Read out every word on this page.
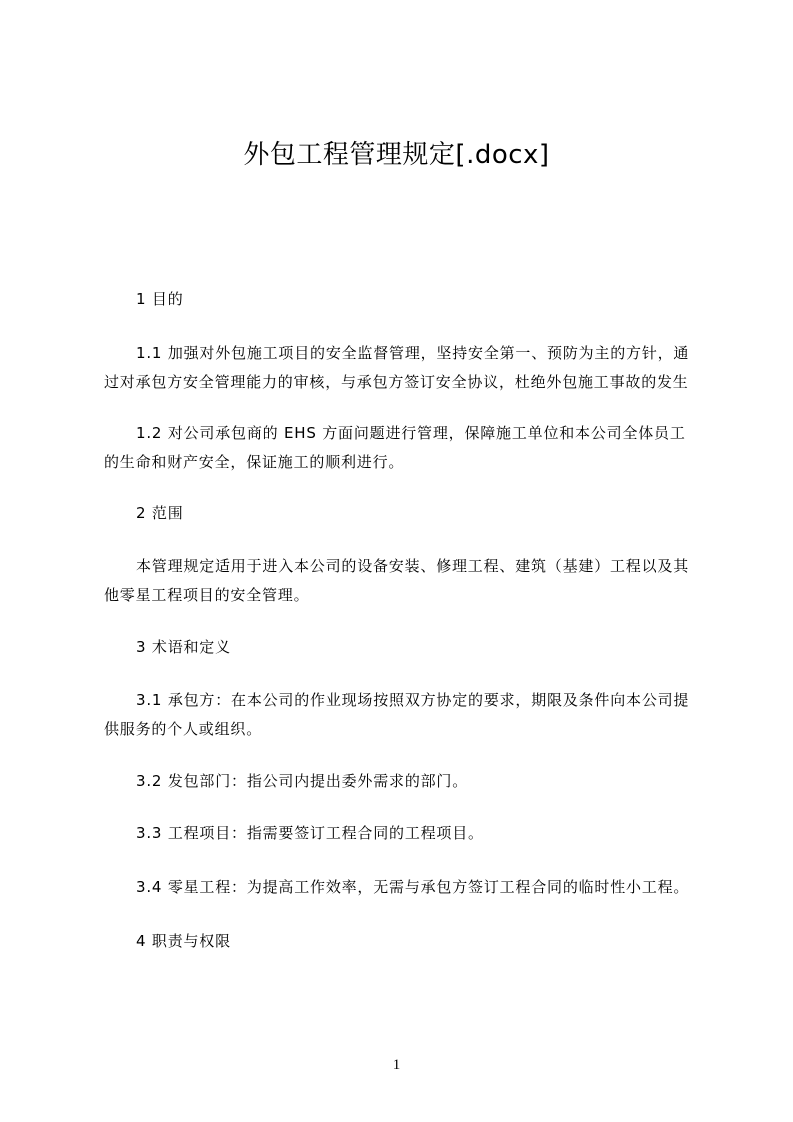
外包工程管理规定[.docx]

1 目的

1.1 加强对外包施工项目的安全监督管理，坚持安全第一、预防为主的方针，通过对承包方安全管理能力的审核，与承包方签订安全协议，杜绝外包施工事故的发生

1.2 对公司承包商的 EHS 方面问题进行管理，保障施工单位和本公司全体员工的生命和财产安全，保证施工的顺利进行。

2 范围

本管理规定适用于进入本公司的设备安装、修理工程、建筑（基建）工程以及其他零星工程项目的安全管理。

3 术语和定义

3.1 承包方：在本公司的作业现场按照双方协定的要求，期限及条件向本公司提供服务的个人或组织。

3.2 发包部门：指公司内提出委外需求的部门。

3.3 工程项目：指需要签订工程合同的工程项目。

3.4 零星工程：为提高工作效率，无需与承包方签订工程合同的临时性小工程。

4 职责与权限

1
